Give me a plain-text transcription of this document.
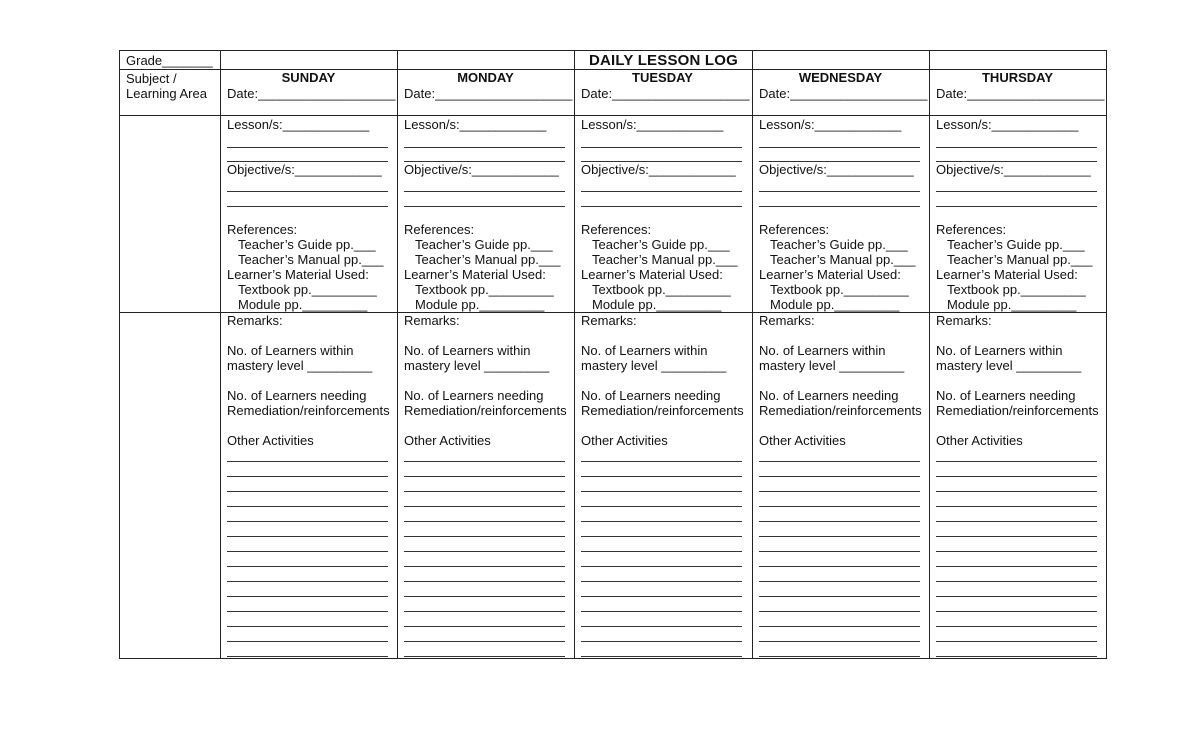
Grade_______	DAILY LESSON LOG
Subject / Learning Area
SUNDAY
Date:___________________
Lesson/s:____________
Objective/s:____________
References:
Teacher’s Guide pp.___
Teacher’s Manual pp.___
Learner’s Material Used:
Textbook pp._________
Module pp._________
Remarks:
No. of Learners within
mastery level _________
No. of Learners needing
Remediation/reinforcements
Other Activities
MONDAY
Date:___________________
Lesson/s:____________
Objective/s:____________
References:
Teacher’s Guide pp.___
Teacher’s Manual pp.___
Learner’s Material Used:
Textbook pp._________
Module pp._________
Remarks:
No. of Learners within
mastery level _________
No. of Learners needing
Remediation/reinforcements
Other Activities
TUESDAY
Date:___________________
Lesson/s:____________
Objective/s:____________
References:
Teacher’s Guide pp.___
Teacher’s Manual pp.___
Learner’s Material Used:
Textbook pp._________
Module pp._________
Remarks:
No. of Learners within
mastery level _________
No. of Learners needing
Remediation/reinforcements
Other Activities
WEDNESDAY
Date:___________________
Lesson/s:____________
Objective/s:____________
References:
Teacher’s Guide pp.___
Teacher’s Manual pp.___
Learner’s Material Used:
Textbook pp._________
Module pp._________
Remarks:
No. of Learners within
mastery level _________
No. of Learners needing
Remediation/reinforcements
Other Activities
THURSDAY
Date:___________________
Lesson/s:____________
Objective/s:____________
References:
Teacher’s Guide pp.___
Teacher’s Manual pp.___
Learner’s Material Used:
Textbook pp._________
Module pp._________
Remarks:
No. of Learners within
mastery level _________
No. of Learners needing
Remediation/reinforcements
Other Activities
